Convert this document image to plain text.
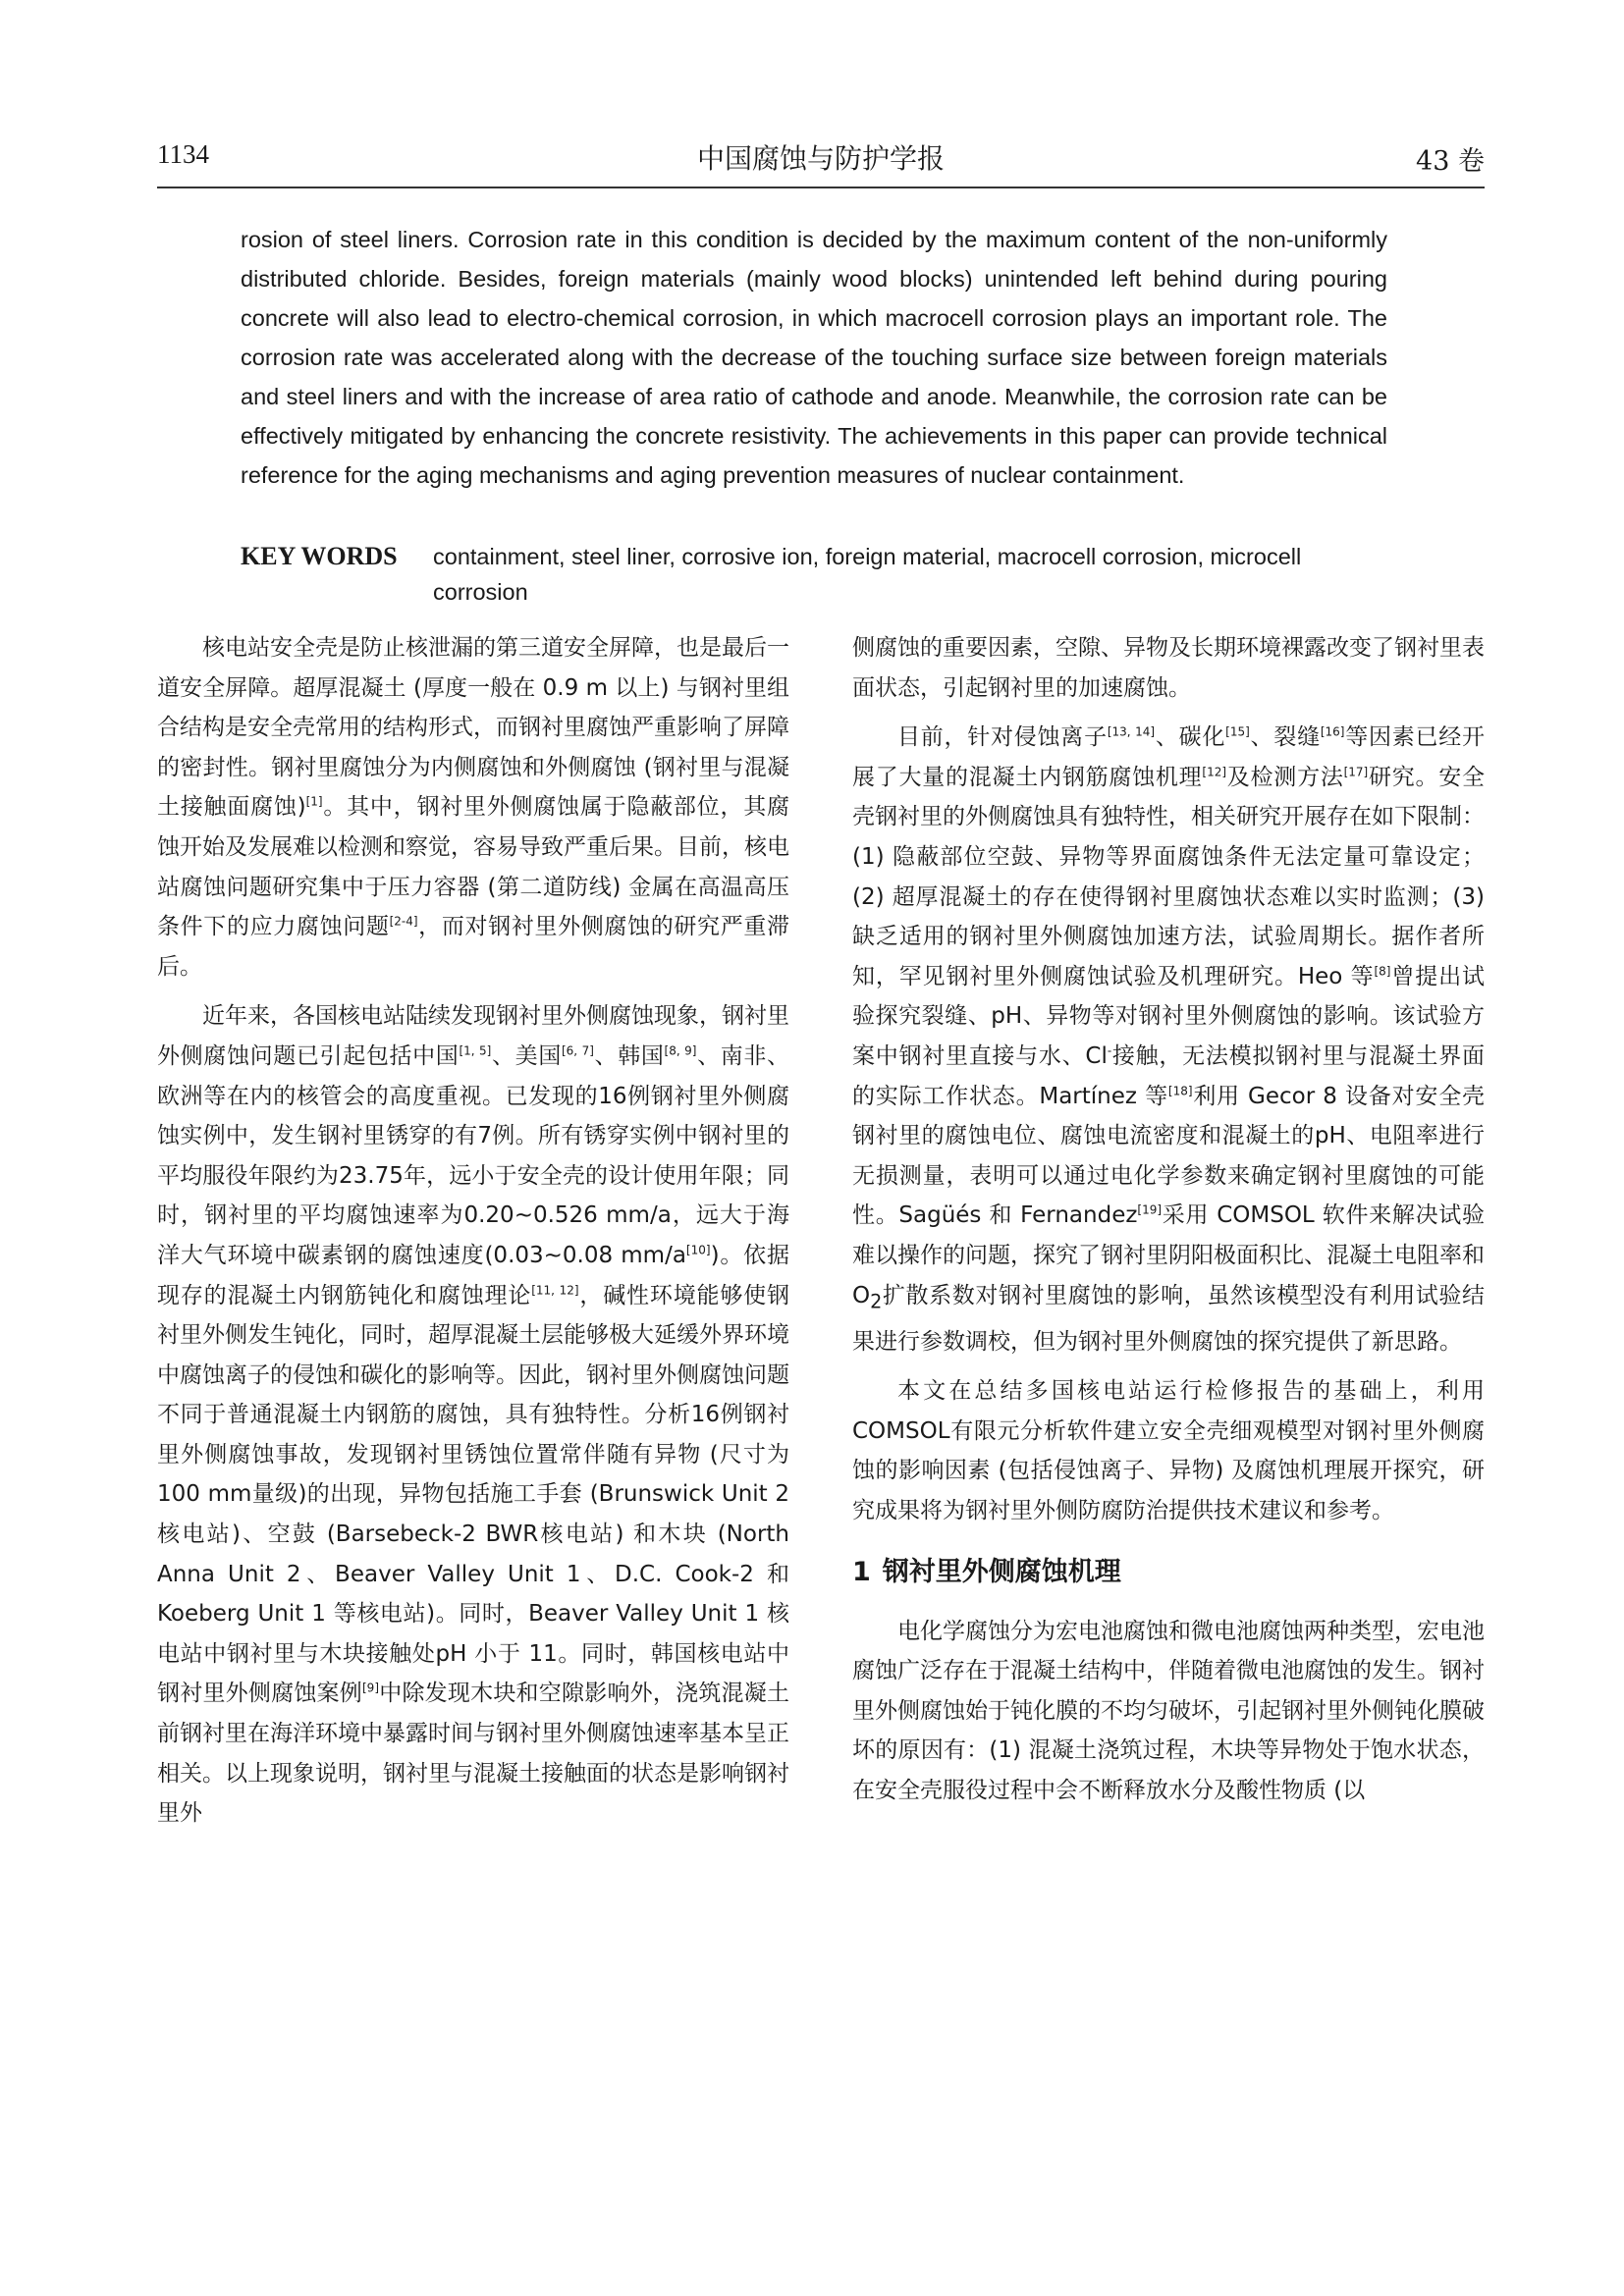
1134	中国腐蚀与防护学报	43 卷
rosion of steel liners. Corrosion rate in this condition is decided by the maximum content of the non-uniformly distributed chloride. Besides, foreign materials (mainly wood blocks) unintended left behind during pouring concrete will also lead to electro-chemical corrosion, in which macrocell corrosion plays an important role. The corrosion rate was accelerated along with the decrease of the touching surface size between foreign materials and steel liners and with the increase of area ratio of cathode and anode. Meanwhile, the corrosion rate can be effectively mitigated by enhancing the concrete resistivity. The achievements in this paper can provide technical reference for the aging mechanisms and aging prevention measures of nuclear containment.
KEY WORDS containment, steel liner, corrosive ion, foreign material, macrocell corrosion, microcell corrosion

核电站安全壳是防止核泄漏的第三道安全屏障，也是最后一道安全屏障。超厚混凝土 (厚度一般在 0.9 m 以上) 与钢衬里组合结构是安全壳常用的结构形式，而钢衬里腐蚀严重影响了屏障的密封性。钢衬里腐蚀分为内侧腐蚀和外侧腐蚀 (钢衬里与混凝土接触面腐蚀)[1]。其中，钢衬里外侧腐蚀属于隐蔽部位，其腐蚀开始及发展难以检测和察觉，容易导致严重后果。目前，核电站腐蚀问题研究集中于压力容器 (第二道防线) 金属在高温高压条件下的应力腐蚀问题[2-4]，而对钢衬里外侧腐蚀的研究严重滞后。

近年来，各国核电站陆续发现钢衬里外侧腐蚀现象，钢衬里外侧腐蚀问题已引起包括中国[1, 5]、美国[6, 7]、韩国[8, 9]、南非、欧洲等在内的核管会的高度重视。已发现的16例钢衬里外侧腐蚀实例中，发生钢衬里锈穿的有7例。所有锈穿实例中钢衬里的平均服役年限约为23.75年，远小于安全壳的设计使用年限；同时，钢衬里的平均腐蚀速率为0.20~0.526 mm/a，远大于海洋大气环境中碳素钢的腐蚀速度(0.03~0.08 mm/a[10])。依据现存的混凝土内钢筋钝化和腐蚀理论[11, 12]，碱性环境能够使钢衬里外侧发生钝化，同时，超厚混凝土层能够极大延缓外界环境中腐蚀离子的侵蚀和碳化的影响等。因此，钢衬里外侧腐蚀问题不同于普通混凝土内钢筋的腐蚀，具有独特性。分析16例钢衬里外侧腐蚀事故，发现钢衬里锈蚀位置常伴随有异物 (尺寸为100 mm量级)的出现，异物包括施工手套 (Brunswick Unit 2 核电站)、空鼓 (Barsebeck-2 BWR核电站) 和木块 (North Anna Unit 2、Beaver Valley Unit 1、D.C. Cook-2 和 Koeberg Unit 1 等核电站)。同时，Beaver Valley Unit 1 核电站中钢衬里与木块接触处pH 小于 11。同时，韩国核电站中钢衬里外侧腐蚀案例[9]中除发现木块和空隙影响外，浇筑混凝土前钢衬里在海洋环境中暴露时间与钢衬里外侧腐蚀速率基本呈正相关。以上现象说明，钢衬里与混凝土接触面的状态是影响钢衬里外

侧腐蚀的重要因素，空隙、异物及长期环境裸露改变了钢衬里表面状态，引起钢衬里的加速腐蚀。

目前，针对侵蚀离子[13, 14]、碳化[15]、裂缝[16]等因素已经开展了大量的混凝土内钢筋腐蚀机理[12]及检测方法[17]研究。安全壳钢衬里的外侧腐蚀具有独特性，相关研究开展存在如下限制：(1) 隐蔽部位空鼓、异物等界面腐蚀条件无法定量可靠设定；(2) 超厚混凝土的存在使得钢衬里腐蚀状态难以实时监测；(3) 缺乏适用的钢衬里外侧腐蚀加速方法，试验周期长。据作者所知，罕见钢衬里外侧腐蚀试验及机理研究。Heo 等[8]曾提出试验探究裂缝、pH、异物等对钢衬里外侧腐蚀的影响。该试验方案中钢衬里直接与水、Cl-接触，无法模拟钢衬里与混凝土界面的实际工作状态。Martínez 等[18]利用 Gecor 8 设备对安全壳钢衬里的腐蚀电位、腐蚀电流密度和混凝土的pH、电阻率进行无损测量，表明可以通过电化学参数来确定钢衬里腐蚀的可能性。Sagüés 和 Fernandez[19]采用 COMSOL 软件来解决试验难以操作的问题，探究了钢衬里阴阳极面积比、混凝土电阻率和$O_2$扩散系数对钢衬里腐蚀的影响，虽然该模型没有利用试验结果进行参数调校，但为钢衬里外侧腐蚀的探究提供了新思路。

本文在总结多国核电站运行检修报告的基础上，利用COMSOL有限元分析软件建立安全壳细观模型对钢衬里外侧腐蚀的影响因素 (包括侵蚀离子、异物) 及腐蚀机理展开探究，研究成果将为钢衬里外侧防腐防治提供技术建议和参考。

1 钢衬里外侧腐蚀机理

电化学腐蚀分为宏电池腐蚀和微电池腐蚀两种类型，宏电池腐蚀广泛存在于混凝土结构中，伴随着微电池腐蚀的发生。钢衬里外侧腐蚀始于钝化膜的不均匀破坏，引起钢衬里外侧钝化膜破坏的原因有：(1) 混凝土浇筑过程，木块等异物处于饱水状态，在安全壳服役过程中会不断释放水分及酸性物质 (以
